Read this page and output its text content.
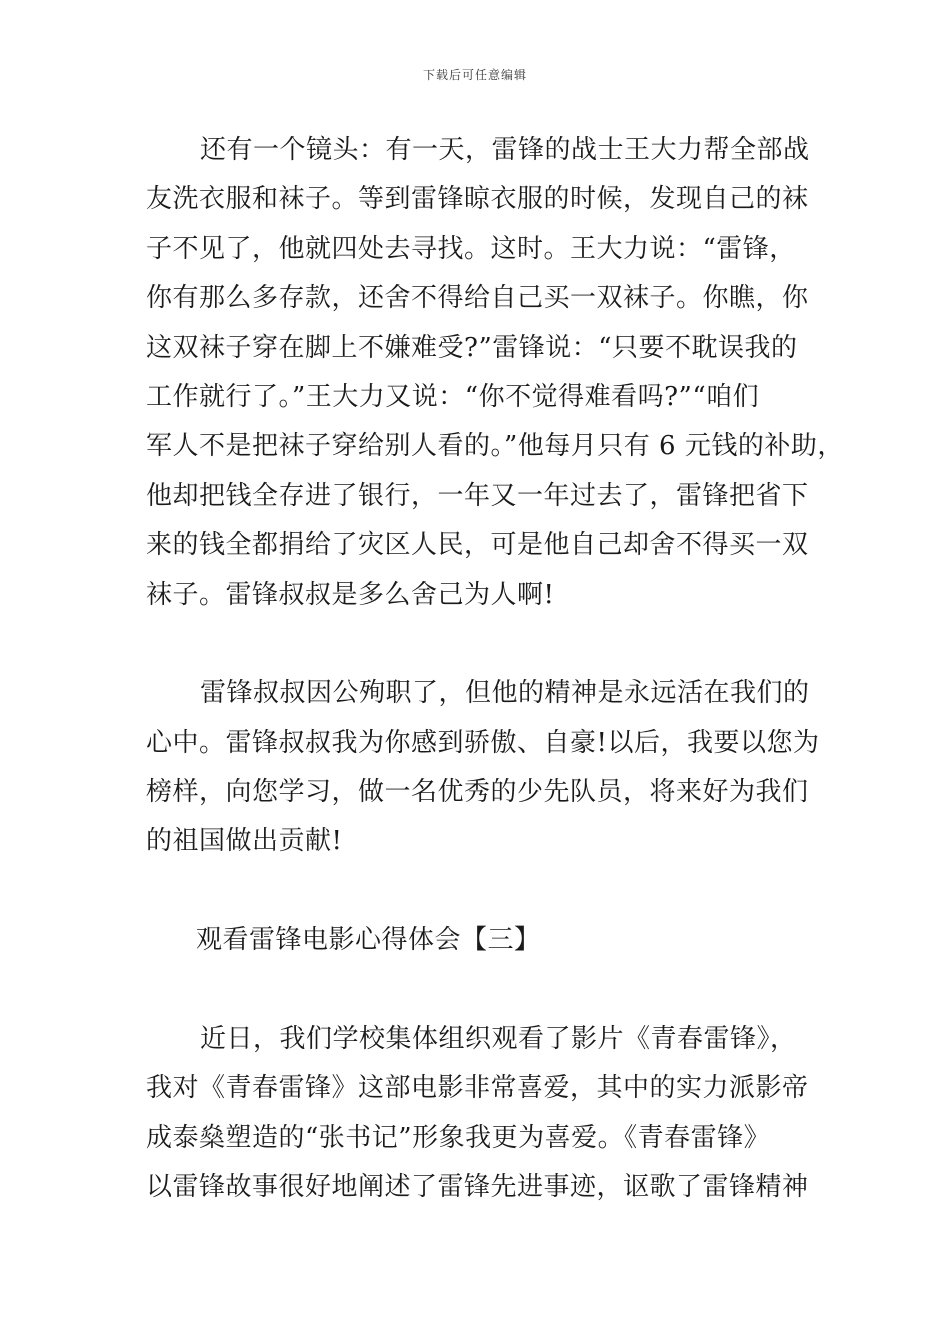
下载后可任意编辑
还有一个镜头：有一天，雷锋的战士王大力帮全部战
友洗衣服和袜子。等到雷锋晾衣服的时候，发现自己的袜
子不见了，他就四处去寻找。这时。王大力说：“雷锋，
你有那么多存款，还舍不得给自己买一双袜子。你瞧，你
这双袜子穿在脚上不嫌难受?”雷锋说：“只要不耽误我的
工作就行了。”王大力又说：“你不觉得难看吗?”“咱们
军人不是把袜子穿给别人看的。”他每月只有 6 元钱的补助，
他却把钱全存进了银行，一年又一年过去了，雷锋把省下
来的钱全都捐给了灾区人民，可是他自己却舍不得买一双
袜子。雷锋叔叔是多么舍己为人啊!
雷锋叔叔因公殉职了，但他的精神是永远活在我们的
心中。雷锋叔叔我为你感到骄傲、自豪!以后，我要以您为
榜样，向您学习，做一名优秀的少先队员，将来好为我们
的祖国做出贡献!
观看雷锋电影心得体会【三】
近日，我们学校集体组织观看了影片《青春雷锋》，
我对《青春雷锋》这部电影非常喜爱，其中的实力派影帝
成泰燊塑造的“张书记”形象我更为喜爱。《青春雷锋》
以雷锋故事很好地阐述了雷锋先进事迹，讴歌了雷锋精神
